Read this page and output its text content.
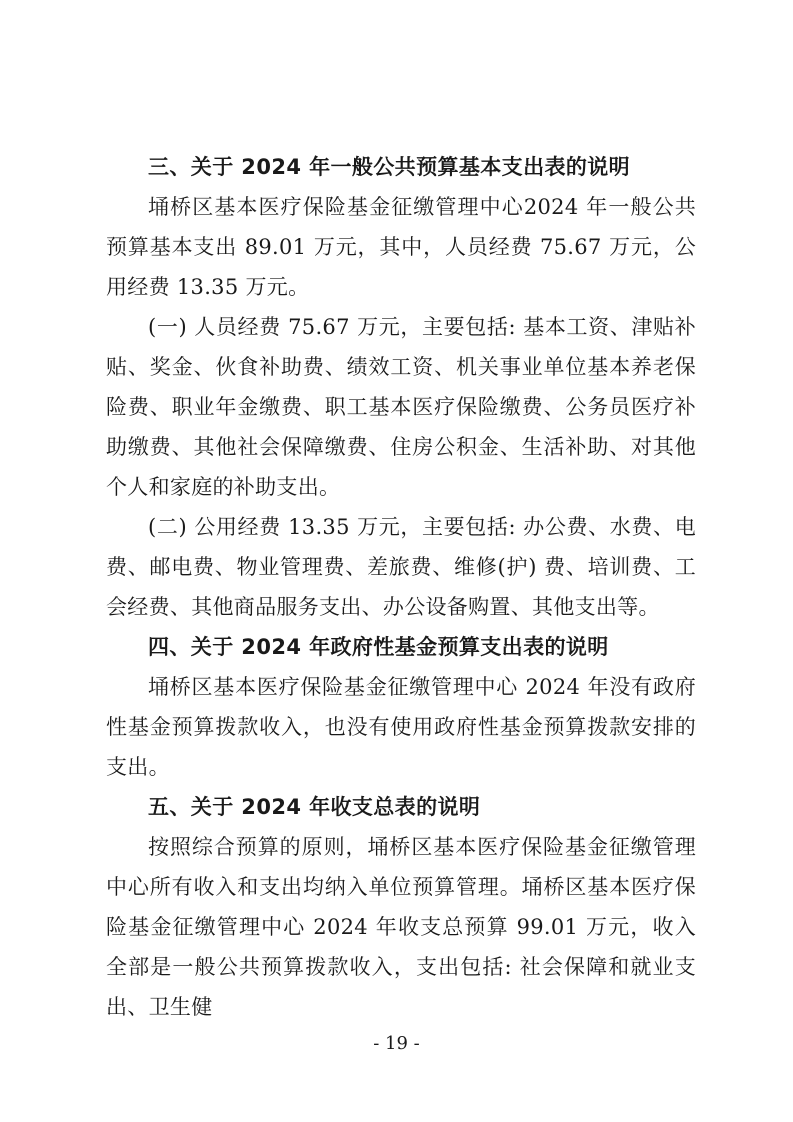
三、关于 2024 年一般公共预算基本支出表的说明

埇桥区基本医疗保险基金征缴管理中心2024 年一般公共预算基本支出 89.01 万元，其中，人员经费 75.67 万元，公用经费 13.35 万元。

(一) 人员经费 75.67 万元，主要包括: 基本工资、津贴补贴、奖金、伙食补助费、绩效工资、机关事业单位基本养老保险费、职业年金缴费、职工基本医疗保险缴费、公务员医疗补助缴费、其他社会保障缴费、住房公积金、生活补助、对其他个人和家庭的补助支出。

(二) 公用经费 13.35 万元，主要包括: 办公费、水费、电费、邮电费、物业管理费、差旅费、维修(护) 费、培训费、工会经费、其他商品服务支出、办公设备购置、其他支出等。

四、关于 2024 年政府性基金预算支出表的说明

埇桥区基本医疗保险基金征缴管理中心 2024 年没有政府性基金预算拨款收入，也没有使用政府性基金预算拨款安排的支出。

五、关于 2024 年收支总表的说明

按照综合预算的原则，埇桥区基本医疗保险基金征缴管理中心所有收入和支出均纳入单位预算管理。埇桥区基本医疗保险基金征缴管理中心 2024 年收支总预算 99.01 万元，收入全部是一般公共预算拨款收入，支出包括: 社会保障和就业支出、卫生健

- 19 -
